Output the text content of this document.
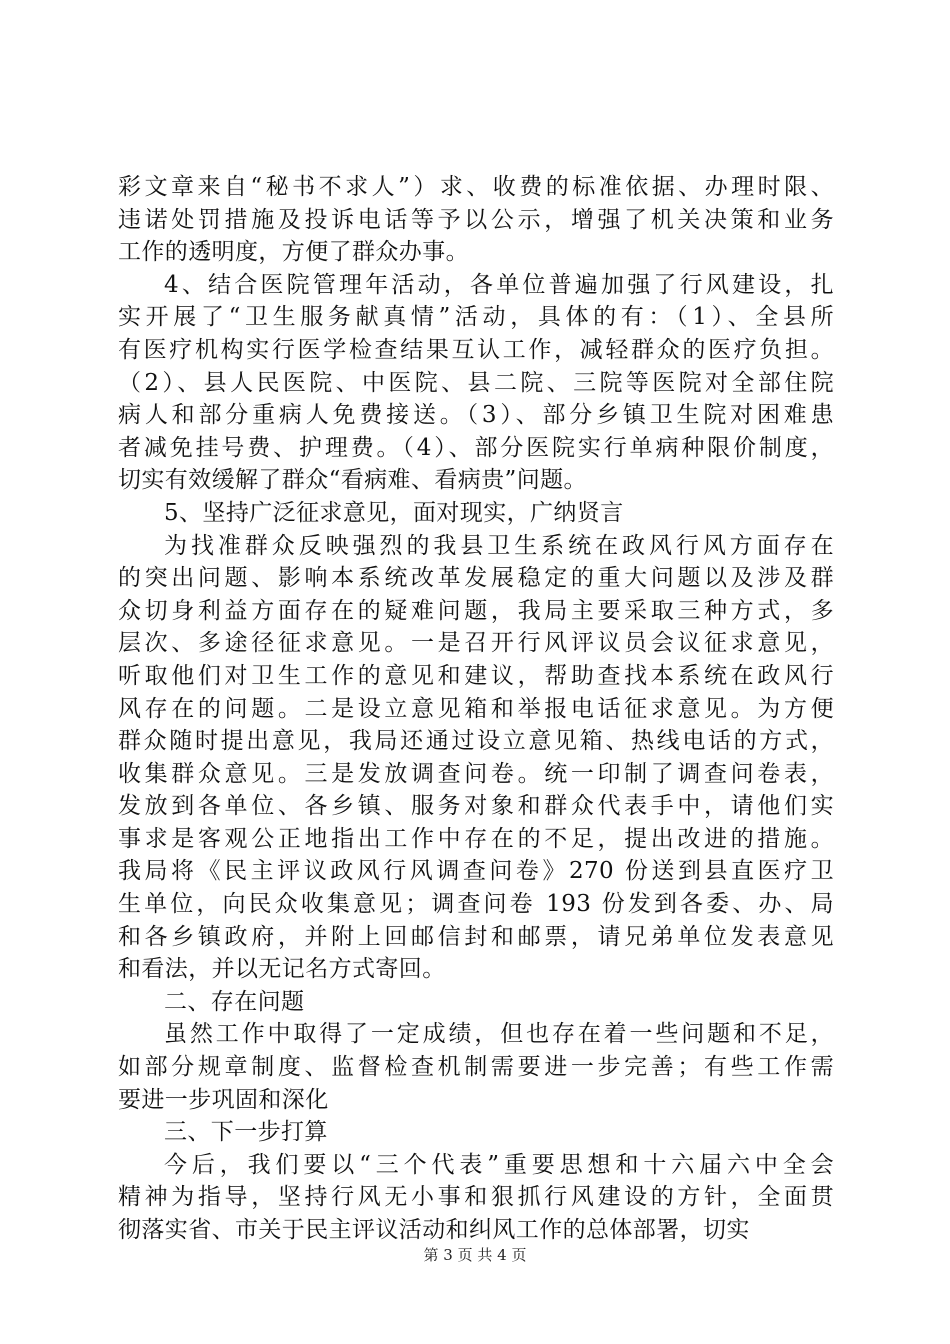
彩文章来自“秘书不求人”）求、收费的标准依据、办理时限、
违诺处罚措施及投诉电话等予以公示，增强了机关决策和业务
工作的透明度，方便了群众办事。
4、结合医院管理年活动，各单位普遍加强了行风建设，扎
实开展了“卫生服务献真情”活动，具体的有：（1）、全县所
有医疗机构实行医学检查结果互认工作，减轻群众的医疗负担。
（2）、县人民医院、中医院、县二院、三院等医院对全部住院
病人和部分重病人免费接送。（3）、部分乡镇卫生院对困难患
者减免挂号费、护理费。（4）、部分医院实行单病种限价制度，
切实有效缓解了群众“看病难、看病贵”问题。
5、坚持广泛征求意见，面对现实，广纳贤言
为找准群众反映强烈的我县卫生系统在政风行风方面存在
的突出问题、影响本系统改革发展稳定的重大问题以及涉及群
众切身利益方面存在的疑难问题，我局主要采取三种方式，多
层次、多途径征求意见。一是召开行风评议员会议征求意见，
听取他们对卫生工作的意见和建议，帮助查找本系统在政风行
风存在的问题。二是设立意见箱和举报电话征求意见。为方便
群众随时提出意见，我局还通过设立意见箱、热线电话的方式，
收集群众意见。三是发放调查问卷。统一印制了调查问卷表，
发放到各单位、各乡镇、服务对象和群众代表手中，请他们实
事求是客观公正地指出工作中存在的不足，提出改进的措施。
我局将《民主评议政风行风调查问卷》270 份送到县直医疗卫
生单位，向民众收集意见；调查问卷 193 份发到各委、办、局
和各乡镇政府，并附上回邮信封和邮票，请兄弟单位发表意见
和看法，并以无记名方式寄回。
二、存在问题
虽然工作中取得了一定成绩，但也存在着一些问题和不足，
如部分规章制度、监督检查机制需要进一步完善；有些工作需
要进一步巩固和深化
三、下一步打算
今后，我们要以“三个代表”重要思想和十六届六中全会
精神为指导，坚持行风无小事和狠抓行风建设的方针，全面贯
彻落实省、市关于民主评议活动和纠风工作的总体部署，切实
第 3 页 共 4 页
